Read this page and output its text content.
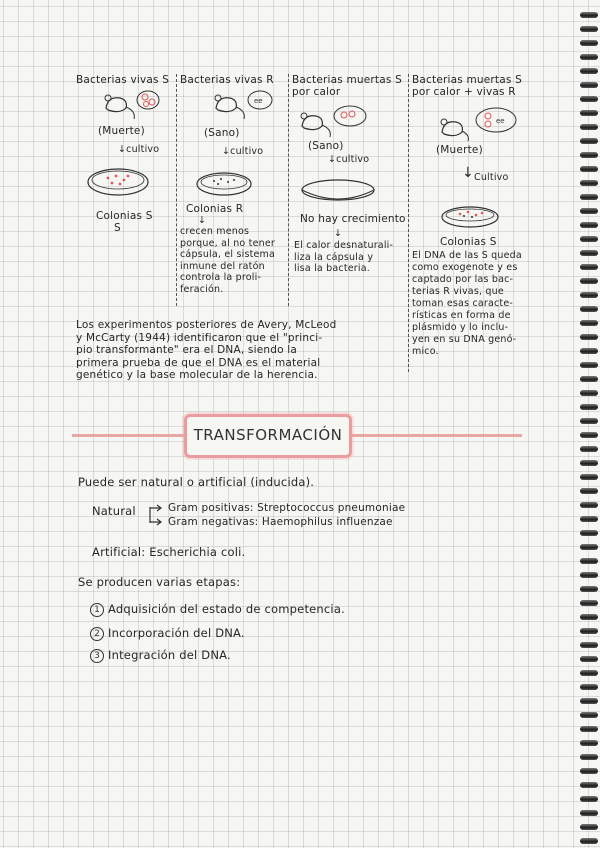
Bacterias vivas S
(Muerte)
↓cultivo
Colonias S
S
Bacterias vivas R
ee
(Sano)
↓cultivo
Colonias R
↓
crecen menos
porque, al no tener
cápsula, el sistema
inmune del ratón
controla la proli-
feración.
Bacterias muertas S
por calor
(Sano)
↓cultivo
No hay crecimiento
↓
El calor desnaturali-
liza la cápsula y
lisa la bacteria.
Bacterias muertas S
por calor + vivas R
ee
(Muerte)
↓ Cultivo
Colonias S
El DNA de las S queda
como exogenote y es
captado por las bac-
terias R vivas, que
toman esas caracte-
rísticas en forma de
plásmido y lo inclu-
yen en su DNA genó-
mico.
Los experimentos posteriores de Avery, McLeod
y McCarty (1944) identificaron que el "princi-
pio transformante" era el DNA, siendo la
primera prueba de que el DNA es el material
genético y la base molecular de la herencia.
TRANSFORMACIÓN
Puede ser natural o artificial (inducida).
Natural	Gram positivas: Streptococcus pneumoniae
Gram negativas: Haemophilus influenzae
Artificial: Escherichia coli.
Se producen varias etapas:
1 Adquisición del estado de competencia.
2 Incorporación del DNA.
3 Integración del DNA.
